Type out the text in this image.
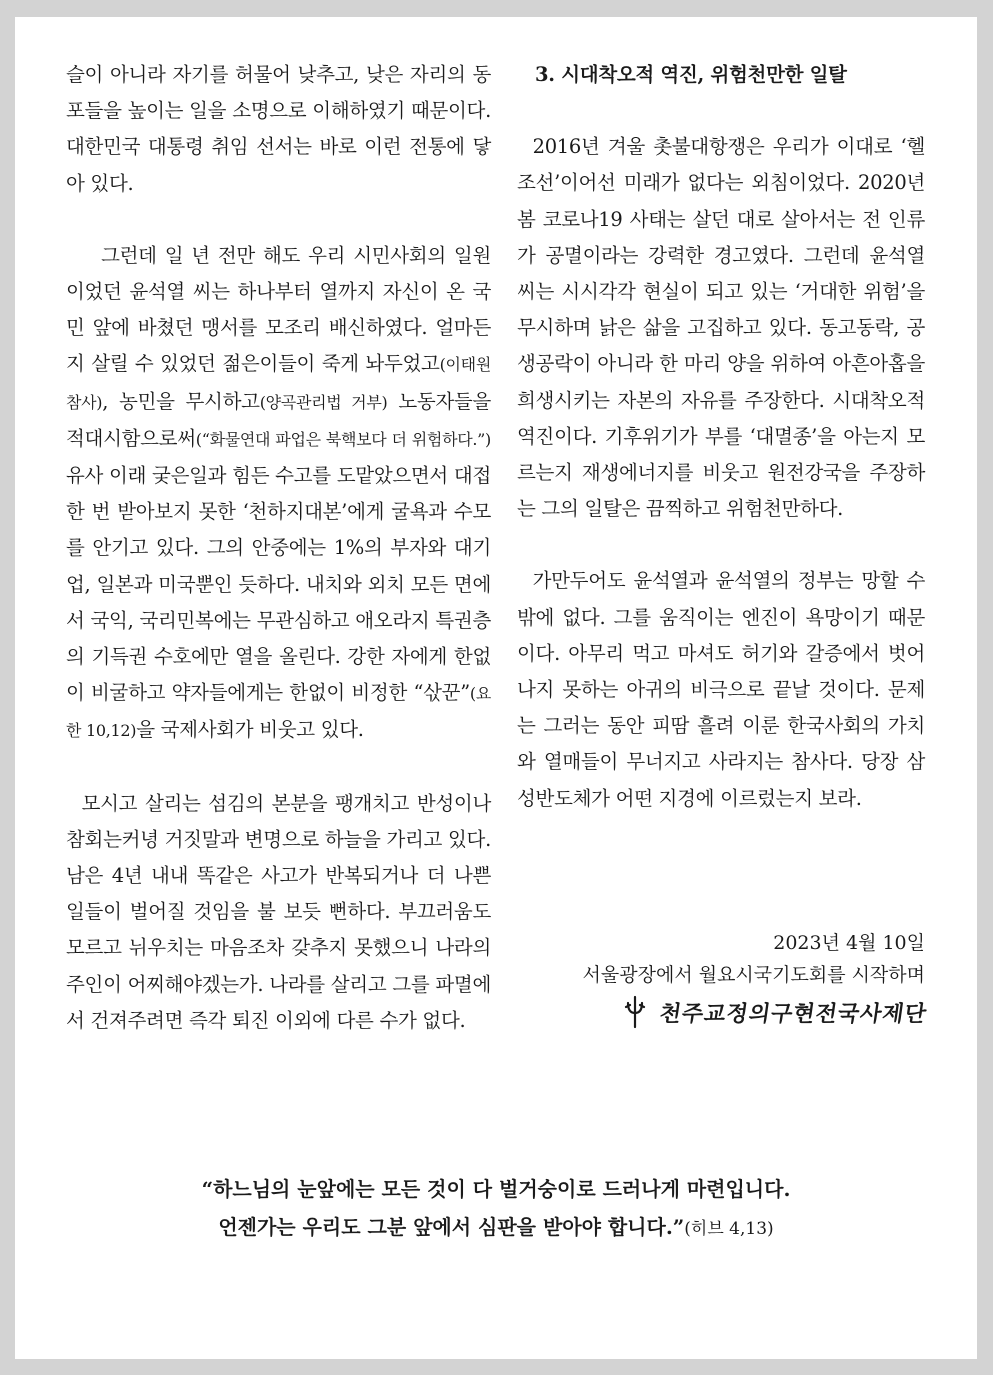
슬이 아니라 자기를 허물어 낮추고, 낮은 자리의 동포들을 높이는 일을 소명으로 이해하였기 때문이다. 대한민국 대통령 취임 선서는 바로 이런 전통에 닿아 있다.

그런데 일 년 전만 해도 우리 시민사회의 일원이었던 윤석열 씨는 하나부터 열까지 자신이 온 국민 앞에 바쳤던 맹서를 모조리 배신하였다. 얼마든지 살릴 수 있었던 젊은이들이 죽게 놔두었고(이태원 참사), 농민을 무시하고(양곡관리법 거부) 노동자들을 적대시함으로써(“화물연대 파업은 북핵보다 더 위험하다.”) 유사 이래 궂은일과 힘든 수고를 도맡았으면서 대접 한 번 받아보지 못한 ‘천하지대본’에게 굴욕과 수모를 안기고 있다. 그의 안중에는 1%의 부자와 대기업, 일본과 미국뿐인 듯하다. 내치와 외치 모든 면에서 국익, 국리민복에는 무관심하고 애오라지 특권층의 기득권 수호에만 열을 올린다. 강한 자에게 한없이 비굴하고 약자들에게는 한없이 비정한 “삯꾼”(요한 10,12)을 국제사회가 비웃고 있다.

모시고 살리는 섬김의 본분을 팽개치고 반성이나 참회는커녕 거짓말과 변명으로 하늘을 가리고 있다. 남은 4년 내내 똑같은 사고가 반복되거나 더 나쁜 일들이 벌어질 것임을 불 보듯 뻔하다. 부끄러움도 모르고 뉘우치는 마음조차 갖추지 못했으니 나라의 주인이 어찌해야겠는가. 나라를 살리고 그를 파멸에서 건져주려면 즉각 퇴진 이외에 다른 수가 없다.

3. 시대착오적 역진, 위험천만한 일탈

2016년 겨울 촛불대항쟁은 우리가 이대로 ‘헬 조선’이어선 미래가 없다는 외침이었다. 2020년 봄 코로나19 사태는 살던 대로 살아서는 전 인류가 공멸이라는 강력한 경고였다. 그런데 윤석열 씨는 시시각각 현실이 되고 있는 ‘거대한 위험’을 무시하며 낡은 삶을 고집하고 있다. 동고동락, 공생공락이 아니라 한 마리 양을 위하여 아흔아홉을 희생시키는 자본의 자유를 주장한다. 시대착오적 역진이다. 기후위기가 부를 ‘대멸종’을 아는지 모르는지 재생에너지를 비웃고 원전강국을 주장하는 그의 일탈은 끔찍하고 위험천만하다.

가만두어도 윤석열과 윤석열의 정부는 망할 수밖에 없다. 그를 움직이는 엔진이 욕망이기 때문이다. 아무리 먹고 마셔도 허기와 갈증에서 벗어나지 못하는 아귀의 비극으로 끝날 것이다. 문제는 그러는 동안 피땀 흘려 이룬 한국사회의 가치와 열매들이 무너지고 사라지는 참사다. 당장 삼성반도체가 어떤 지경에 이르렀는지 보라.

2023년 4월 10일
서울광장에서 월요시국기도회를 시작하며
천주교정의구현전국사제단
“하느님의 눈앞에는 모든 것이 다 벌거숭이로 드러나게 마련입니다.
언젠가는 우리도 그분 앞에서 심판을 받아야 합니다.”(히브 4,13)
